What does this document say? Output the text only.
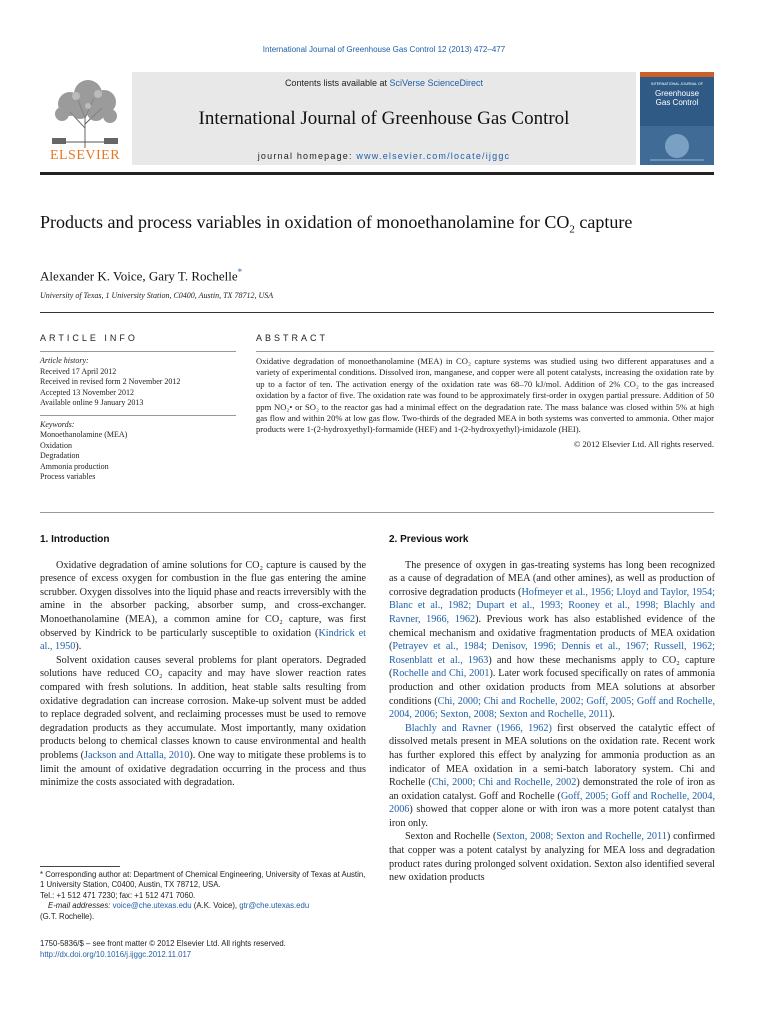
International Journal of Greenhouse Gas Control 12 (2013) 472–477
ELSEVIER
Contents lists available at SciVerse ScienceDirect
International Journal of Greenhouse Gas Control
journal homepage: www.elsevier.com/locate/ijggc
INTERNATIONAL JOURNAL OF
Greenhouse
Gas Control
Products and process variables in oxidation of monoethanolamine for $CO_2$ capture
Alexander K. Voice, Gary T. Rochelle*
University of Texas, 1 University Station, C0400, Austin, TX 78712, USA
ARTICLE INFO	ABSTRACT
Article history:
Received 17 April 2012
Received in revised form 2 November 2012
Accepted 13 November 2012
Available online 9 January 2013
Keywords:
Monoethanolamine (MEA)
Oxidation
Degradation
Ammonia production
Process variables
Oxidative degradation of monoethanolamine (MEA) in CO₂ capture systems was studied using two different apparatuses and a variety of experimental conditions. Dissolved iron, manganese, and copper were all potent catalysts, increasing the oxidation rate by up to a factor of ten. The activation energy of the oxidation rate was 68–70 kJ/mol. Addition of 2% CO₂ to the gas increased oxidation by a factor of five. The oxidation rate was found to be approximately first-order in oxygen partial pressure. Addition of 50 ppm NO₂• or SO₂ to the reactor gas had a minimal effect on the degradation rate. The mass balance was closed within 5% at high gas flow and within 20% at low gas flow. Two-thirds of the degraded MEA in both systems was converted to ammonia. Other major products were 1-(2-hydroxyethyl)-formamide (HEF) and 1-(2-hydroxyethyl)-imidazole (HEI).
© 2012 Elsevier Ltd. All rights reserved.
1. Introduction

Oxidative degradation of amine solutions for CO₂ capture is caused by the presence of excess oxygen for combustion in the flue gas entering the amine scrubber. Oxygen dissolves into the liquid phase and reacts irreversibly with the amine in the absorber packing, absorber sump, and cross-exchanger. Monoethanolamine (MEA), a common amine for CO₂ capture, was first observed by Kindrick to be particularly susceptible to oxidation (Kindrick et al., 1950).

Solvent oxidation causes several problems for plant operators. Degraded solutions have reduced CO₂ capacity and may have slower reaction rates compared with fresh solutions. In addition, heat stable salts resulting from oxidative degradation can increase corrosion. Make-up solvent must be added to replace degraded solvent, and reclaiming processes must be used to remove degradation products as they accumulate. Most importantly, many oxidation products belong to chemical classes known to cause environmental and health problems (Jackson and Attalla, 2010). One way to mitigate these problems is to limit the amount of oxidative degradation occurring in the process and thus minimize the costs associated with degradation.

2. Previous work

The presence of oxygen in gas-treating systems has long been recognized as a cause of degradation of MEA (and other amines), as well as production of corrosive degradation products (Hofmeyer et al., 1956; Lloyd and Taylor, 1954; Blanc et al., 1982; Dupart et al., 1993; Rooney et al., 1998; Blachly and Ravner, 1966, 1962). Previous work has also established evidence of the chemical mechanism and oxidative fragmentation products of MEA oxidation (Petrayev et al., 1984; Denisov, 1996; Dennis et al., 1967; Russell, 1962; Rosenblatt et al., 1963) and how these mechanisms apply to CO₂ capture (Rochelle and Chi, 2001). Later work focused specifically on rates of ammonia production and other oxidation products from MEA solutions at absorber conditions (Chi, 2000; Chi and Rochelle, 2002; Goff, 2005; Goff and Rochelle, 2004, 2006; Sexton, 2008; Sexton and Rochelle, 2011).

Blachly and Ravner (1966, 1962) first observed the catalytic effect of dissolved metals present in MEA solutions on the oxidation rate. Recent work has further explored this effect by analyzing for ammonia production as an indicator of MEA oxidation in a semi-batch laboratory system. Chi and Rochelle (Chi, 2000; Chi and Rochelle, 2002) demonstrated the role of iron as an oxidation catalyst. Goff and Rochelle (Goff, 2005; Goff and Rochelle, 2004, 2006) showed that copper alone or with iron was a more potent catalyst than iron only.

Sexton and Rochelle (Sexton, 2008; Sexton and Rochelle, 2011) confirmed that copper was a potent catalyst by analyzing for MEA loss and degradation product rates during prolonged solvent oxidation. Sexton also identified several new oxidation products

* Corresponding author at: Department of Chemical Engineering, University of Texas at Austin, 1 University Station, C0400, Austin, TX 78712, USA.
Tel.: +1 512 471 7230; fax: +1 512 471 7060.
E-mail addresses: voice@che.utexas.edu (A.K. Voice), gtr@che.utexas.edu
(G.T. Rochelle).
1750-5836/$ – see front matter © 2012 Elsevier Ltd. All rights reserved.
http://dx.doi.org/10.1016/j.ijggc.2012.11.017
